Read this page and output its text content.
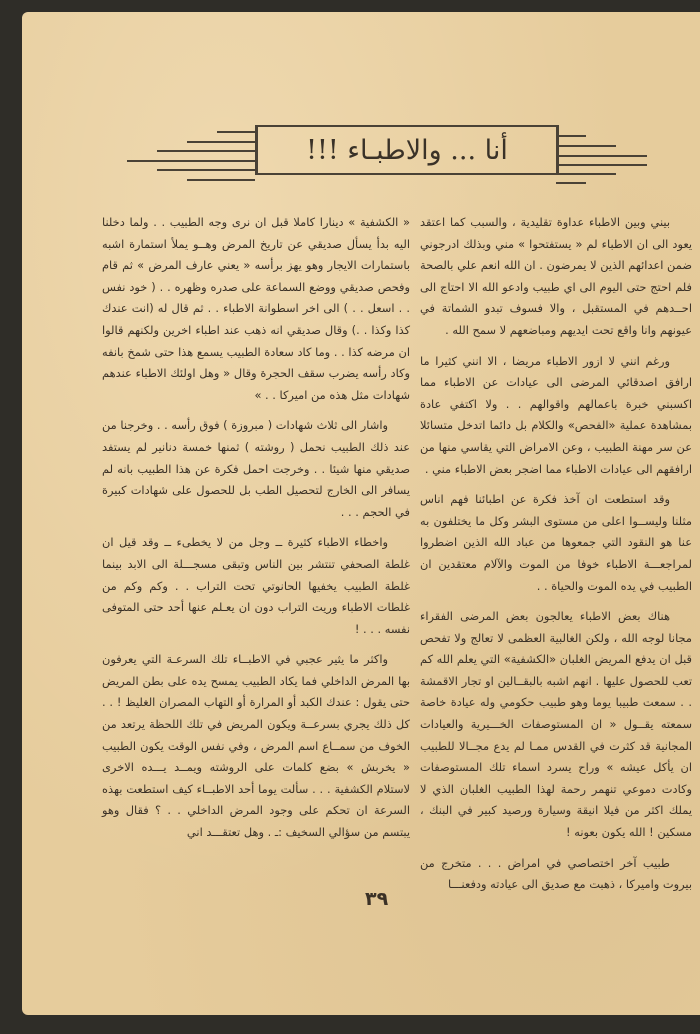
أنا ... والاطبـاء !!!

بيني وبين الاطباء عداوة تقليدية ، والسبب كما اعتقد يعود الى ان الاطباء لم « يستفتحوا » مني وبذلك ادرجوني ضمن اعدائهم الذين لا يمرضون . ان الله انعم علي بالصحة فلم احتج حتى اليوم الى اي طبيب وادعو الله الا احتاج الى احــدهم في المستقبل ، والا فسوف تبدو الشماتة في عيونهم وانا واقع تحت ايديهم ومباضعهم لا سمح الله .

ورغم انني لا ازور الاطباء مريضا ، الا انني كثيرا ما ارافق اصدقائي المرضى الى عيادات عن الاطباء مما اكسبني خبرة باعمالهم واقوالهم . . ولا اكتفي عادة بمشاهدة عملية «الفحص» والكلام بل دائما اتدخل متسائلا عن سر مهنة الطبيب ، وعن الامراض التي يقاسي منها من ارافقهم الى عيادات الاطباء مما اضجر بعض الاطباء مني .

وقد استطعت ان آخذ فكرة عن اطبائنا فهم اناس مثلنا وليســوا اعلى من مستوى البشر وكل ما يختلفون به عنا هو النقود التي جمعوها من عباد الله الذين اضطروا لمراجعـــة الاطباء خوفا من الموت والآلام معتقدين ان الطبيب في يده الموت والحياة . .

هناك بعض الاطباء يعالجون بعض المرضى الفقراء مجانا لوجه الله ، ولكن الغالبية العظمى لا تعالج ولا تفحص قبل ان يدفع المريض الغلبان «الكشفية» التي يعلم الله كم تعب للحصول عليها . انهم اشبه بالبقــالين او تجار الاقمشة . . سمعت طبيبا يوما وهو طبيب حكومي وله عيادة خاصة سمعته يقــول « ان المستوصفات الخـــيرية والعيادات المجانية قد كثرت في القدس ممـا لم يدع مجــالا للطبيب ان يأكل عيشه » وراح يسرد اسماء تلك المستوصفات وكادت دموعي تنهمر رحمة لهذا الطبيب الغلبان الذي لا يملك اكثر من فيلا انيقة وسيارة ورصيد كبير في البنك ، مسكين ! الله يكون بعونه !

طبيب آخر اختصاصي في امراض . . . متخرج من بيروت واميركا ، ذهبت مع صديق الى عيادته ودفعنـــا

« الكشفية » دينارا كاملا قبل ان نرى وجه الطبيب . . ولما دخلنا اليه بدأ يسأل صديقي عن تاريخ المرض وهــو يملأ استمارة اشبه باستمارات الايجار وهو يهز برأسه « يعني عارف المرض » ثم قام وفحص صديقي ووضع السماعة على صدره وظهره . . ( خود نفس . . اسعل . . ) الى اخر اسطوانة الاطباء . . ثم قال له (انت عندك كذا وكذا . .) وقال صديقي انه ذهب عند اطباء اخرين ولكنهم قالوا ان مرضه كذا . . وما كاد سعادة الطبيب يسمع هذا حتى شمخ بانفه وكاد رأسه يضرب سقف الحجرة وقال « وهل اولئك الاطباء عندهم شهادات مثل هذه من اميركا . . »

واشار الى ثلاث شهادات ( مبروزة ) فوق رأسه . . وخرجنا من عند ذلك الطبيب نحمل ( روشته ) ثمنها خمسة دنانير لم يستفد صديقي منها شيئا . . وخرجت احمل فكرة عن هذا الطبيب بانه لم يسافر الى الخارج لتحصيل الطب بل للحصول على شهادات كبيرة في الحجم . . .

واخطاء الاطباء كثيرة ــ وجل من لا يخطىء ــ وقد قيل ان غلطة الصحفي تنتشر بين الناس وتبقى مسجـــلة الى الابد بينما غلطة الطبيب يخفيها الحانوتي تحت التراب . . وكم وكم من غلطات الاطباء وريت التراب دون ان يعـلم عنها أحد حتى المتوفى نفسه . . . !

واكثر ما يثير عجبي في الاطبــاء تلك السرعـة التي يعرفون بها المرض الداخلي فما يكاد الطبيب يمسح يده على بطن المريض حتى يقول : عندك الكبد أو المرارة أو التهاب المصران الغليظ ! . . كل ذلك يجري بسرعــة ويكون المريض في تلك اللحظة يرتعد من الخوف من سمــاع اسم المرض ، وفي نفس الوقت يكون الطبيب « يخربش » بضع كلمات على الروشته ويمــد يـــده الاخرى لاستلام الكشفية . . . سألت يوما أحد الاطبــاء كيف استطعت بهذه السرعة ان تحكم على وجود المرض الداخلي . . ؟ فقال وهو يبتسم من سؤالي السخيف :ـ . وهل تعتقـــد اني

٣٩
